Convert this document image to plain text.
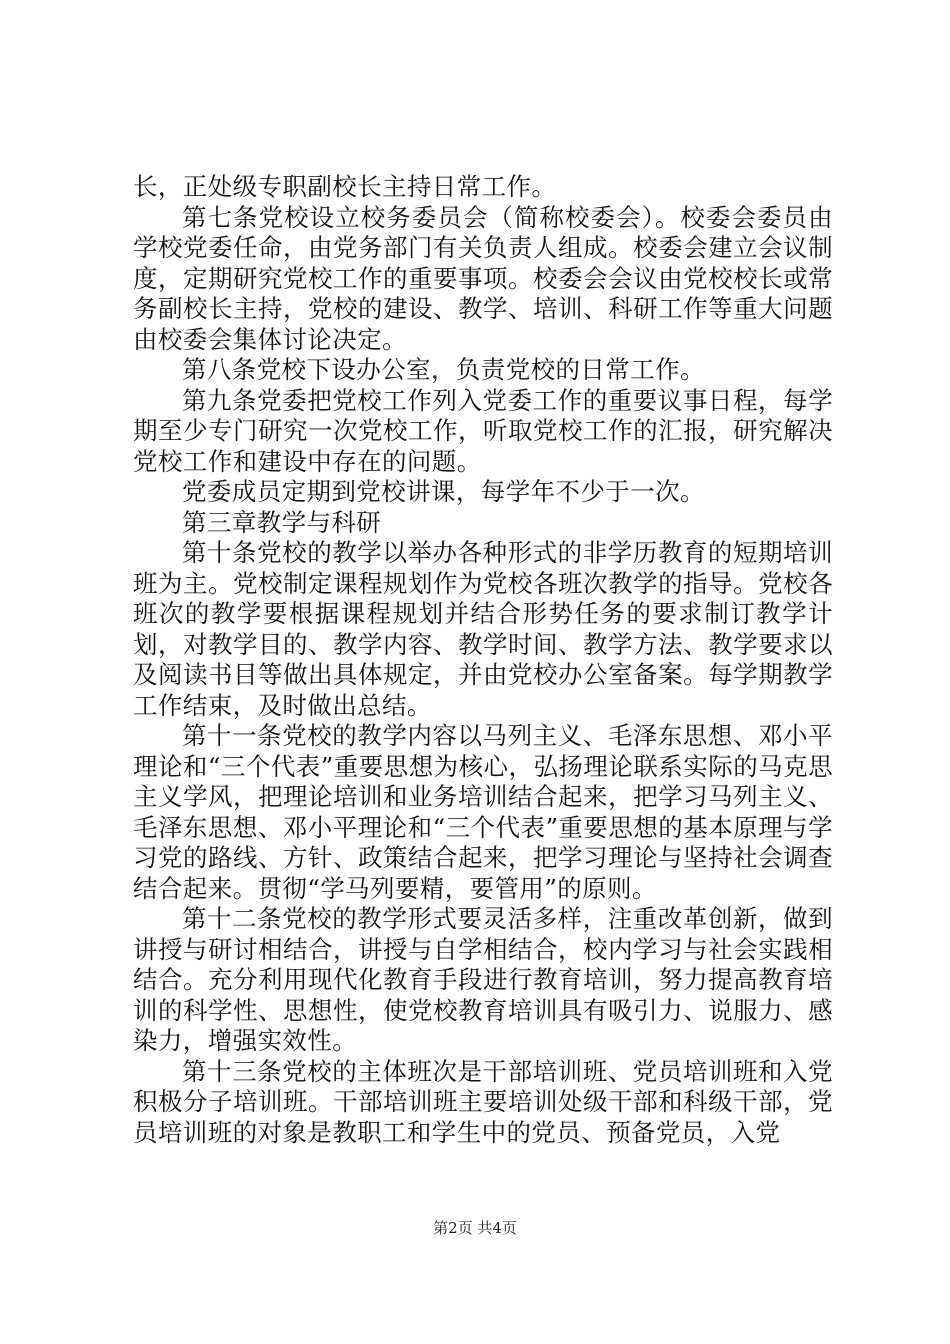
长，正处级专职副校长主持日常工作。

第七条党校设立校务委员会（简称校委会）。校委会委员由学校党委任命，由党务部门有关负责人组成。校委会建立会议制度，定期研究党校工作的重要事项。校委会会议由党校校长或常务副校长主持，党校的建设、教学、培训、科研工作等重大问题由校委会集体讨论决定。

第八条党校下设办公室，负责党校的日常工作。

第九条党委把党校工作列入党委工作的重要议事日程，每学期至少专门研究一次党校工作，听取党校工作的汇报，研究解决党校工作和建设中存在的问题。

党委成员定期到党校讲课，每学年不少于一次。

第三章教学与科研

第十条党校的教学以举办各种形式的非学历教育的短期培训班为主。党校制定课程规划作为党校各班次教学的指导。党校各班次的教学要根据课程规划并结合形势任务的要求制订教学计划，对教学目的、教学内容、教学时间、教学方法、教学要求以及阅读书目等做出具体规定，并由党校办公室备案。每学期教学工作结束，及时做出总结。

第十一条党校的教学内容以马列主义、毛泽东思想、邓小平理论和“三个代表”重要思想为核心，弘扬理论联系实际的马克思主义学风，把理论培训和业务培训结合起来，把学习马列主义、毛泽东思想、邓小平理论和“三个代表”重要思想的基本原理与学习党的路线、方针、政策结合起来，把学习理论与坚持社会调查结合起来。贯彻“学马列要精，要管用”的原则。

第十二条党校的教学形式要灵活多样，注重改革创新，做到讲授与研讨相结合，讲授与自学相结合，校内学习与社会实践相结合。充分利用现代化教育手段进行教育培训，努力提高教育培训的科学性、思想性，使党校教育培训具有吸引力、说服力、感染力，增强实效性。

第十三条党校的主体班次是干部培训班、党员培训班和入党积极分子培训班。干部培训班主要培训处级干部和科级干部，党员培训班的对象是教职工和学生中的党员、预备党员，入党

第2页 共4页
